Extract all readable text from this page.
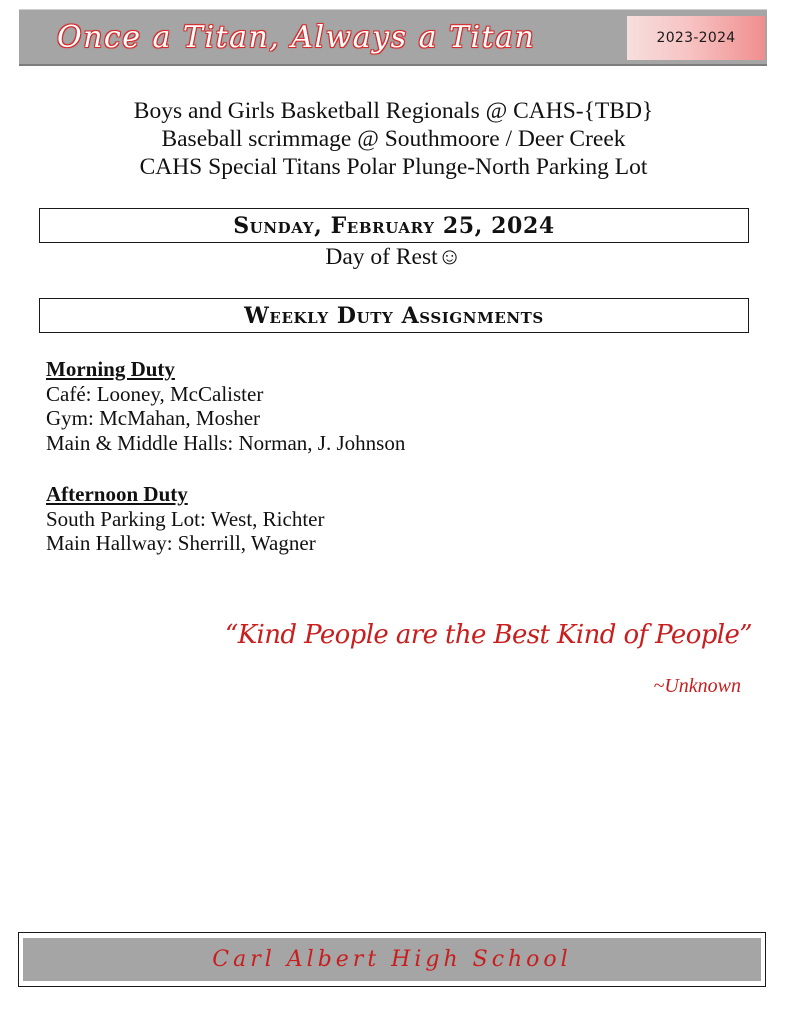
Once a Titan, Always a Titan	2023-2024
Boys and Girls Basketball Regionals @ CAHS-{TBD}
Baseball scrimmage @ Southmoore / Deer Creek
CAHS Special Titans Polar Plunge-North Parking Lot
Sunday, February 25, 2024
Day of Rest☺
Weekly Duty Assignments
Morning Duty
Café: Looney, McCalister
Gym: McMahan, Mosher
Main & Middle Halls: Norman, J. Johnson
Afternoon Duty
South Parking Lot: West, Richter
Main Hallway: Sherrill, Wagner
“Kind People are the Best Kind of People”
~Unknown
Carl Albert High School
